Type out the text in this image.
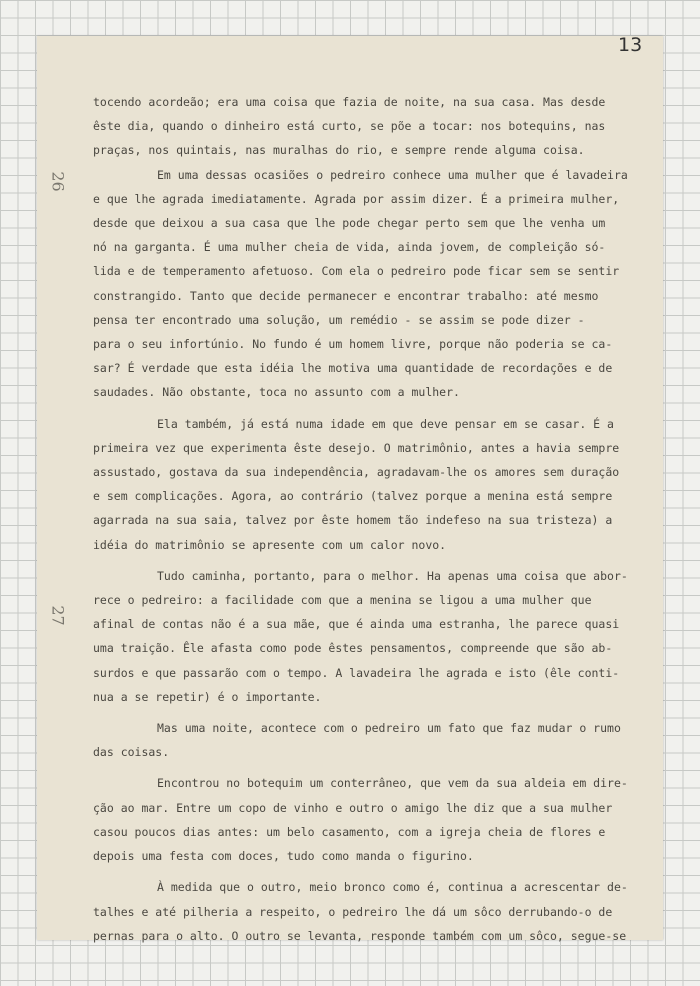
13
26
27
tocendo acordeão; era uma coisa que fazia de noite, na sua casa. Mas desde
êste dia, quando o dinheiro está curto, se põe a tocar: nos botequins, nas
praças, nos quintais, nas muralhas do rio, e sempre rende alguma coisa.
Em uma dessas ocasiões o pedreiro conhece uma mulher que é lavadeira
e que lhe agrada imediatamente. Agrada por assim dizer. É a primeira mulher,
desde que deixou a sua casa que lhe pode chegar perto sem que lhe venha um
nó na garganta. É uma mulher cheia de vida, ainda jovem, de compleição só-
lida e de temperamento afetuoso. Com ela o pedreiro pode ficar sem se sentir
constrangido. Tanto que decide permanecer e encontrar trabalho: até mesmo
pensa ter encontrado uma solução, um remédio - se assim se pode dizer -
para o seu infortúnio. No fundo é um homem livre, porque não poderia se ca-
sar? É verdade que esta idéia lhe motiva uma quantidade de recordações e de
saudades. Não obstante, toca no assunto com a mulher.
Ela também, já está numa idade em que deve pensar em se casar. É a
primeira vez que experimenta êste desejo. O matrimônio, antes a havia sempre
assustado, gostava da sua independência, agradavam-lhe os amores sem duração
e sem complicações. Agora, ao contrário (talvez porque a menina está sempre
agarrada na sua saia, talvez por êste homem tão indefeso na sua tristeza) a
idéia do matrimônio se apresente com um calor novo.
Tudo caminha, portanto, para o melhor. Ha apenas uma coisa que abor-
rece o pedreiro: a facilidade com que a menina se ligou a uma mulher que
afinal de contas não é a sua mãe, que é ainda uma estranha, lhe parece quasi
uma traição. Êle afasta como pode êstes pensamentos, compreende que são ab-
surdos e que passarão com o tempo. A lavadeira lhe agrada e isto (êle conti-
nua a se repetir) é o importante.
Mas uma noite, acontece com o pedreiro um fato que faz mudar o rumo
das coisas.
Encontrou no botequim um conterrâneo, que vem da sua aldeia em dire-
ção ao mar. Entre um copo de vinho e outro o amigo lhe diz que a sua mulher
casou poucos dias antes: um belo casamento, com a igreja cheia de flores e
depois uma festa com doces, tudo como manda o figurino.
À medida que o outro, meio bronco como é, continua a acrescentar de-
talhes e até pilheria a respeito, o pedreiro lhe dá um sôco derrubando-o de
pernas para o alto. O outro se levanta, responde também com um sôco, segue-se
